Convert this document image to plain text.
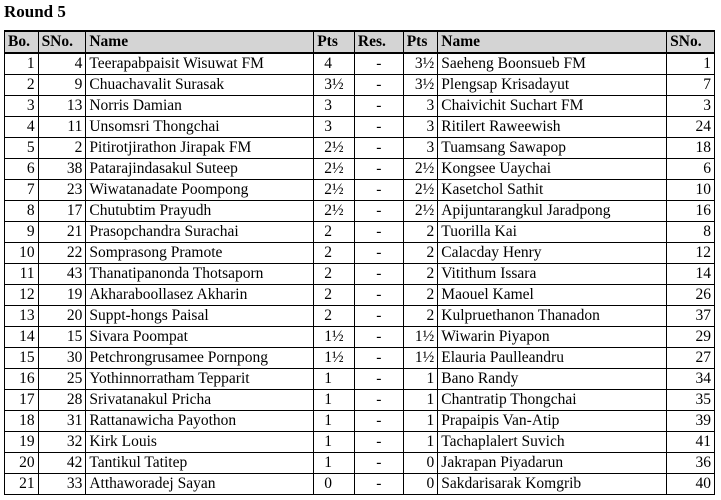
Round 5
Bo.	SNo.	Name	Pts	Res.	Pts	Name	SNo.
1	4	Teerapabpaisit Wisuwat FM	4	-	3½	Saeheng Boonsueb FM	1
2	9	Chuachavalit Surasak	3½	-	3½	Plengsap Krisadayut	7
3	13	Norris Damian	3	-	3	Chaivichit Suchart FM	3
4	11	Unsomsri Thongchai	3	-	3	Ritilert Raweewish	24
5	2	Pitirotjirathon Jirapak FM	2½	-	3	Tuamsang Sawapop	18
6	38	Patarajindasakul Suteep	2½	-	2½	Kongsee Uaychai	6
7	23	Wiwatanadate Poompong	2½	-	2½	Kasetchol Sathit	10
8	17	Chutubtim Prayudh	2½	-	2½	Apijuntarangkul Jaradpong	16
9	21	Prasopchandra Surachai	2	-	2	Tuorilla Kai	8
10	22	Somprasong Pramote	2	-	2	Calacday Henry	12
11	43	Thanatipanonda Thotsaporn	2	-	2	Vitithum Issara	14
12	19	Akharaboollasez Akharin	2	-	2	Maouel Kamel	26
13	20	Suppt-hongs Paisal	2	-	2	Kulpruethanon Thanadon	37
14	15	Sivara Poompat	1½	-	1½	Wiwarin Piyapon	29
15	30	Petchrongrusamee Pornpong	1½	-	1½	Elauria Paulleandru	27
16	25	Yothinnorratham Tepparit	1	-	1	Bano Randy	34
17	28	Srivatanakul Pricha	1	-	1	Chantratip Thongchai	35
18	31	Rattanawicha Payothon	1	-	1	Prapaipis Van-Atip	39
19	32	Kirk Louis	1	-	1	Tachaplalert Suvich	41
20	42	Tantikul Tatitep	1	-	0	Jakrapan Piyadarun	36
21	33	Atthaworadej Sayan	0	-	0	Sakdarisarak Komgrib	40
